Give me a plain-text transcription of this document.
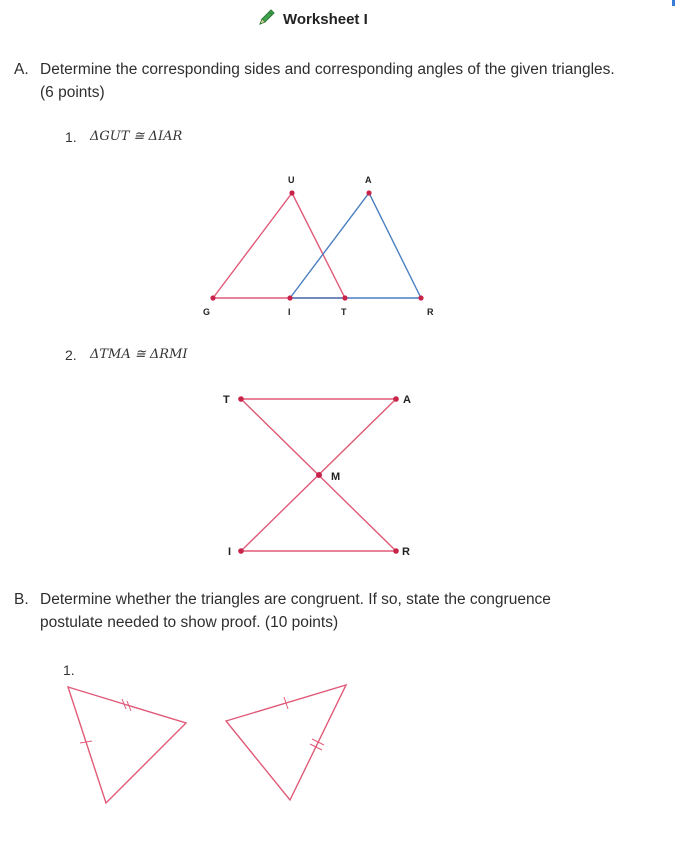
Worksheet I
A. Determine the corresponding sides and corresponding angles of the given triangles.
(6 points)
1. ΔGUT ≅ ΔIAR
U	A
G	I	T	R
2. ΔTMA ≅ ΔRMI
T	A
M
I	R
B. Determine whether the triangles are congruent. If so, state the congruence
postulate needed to show proof. (10 points)
1.
